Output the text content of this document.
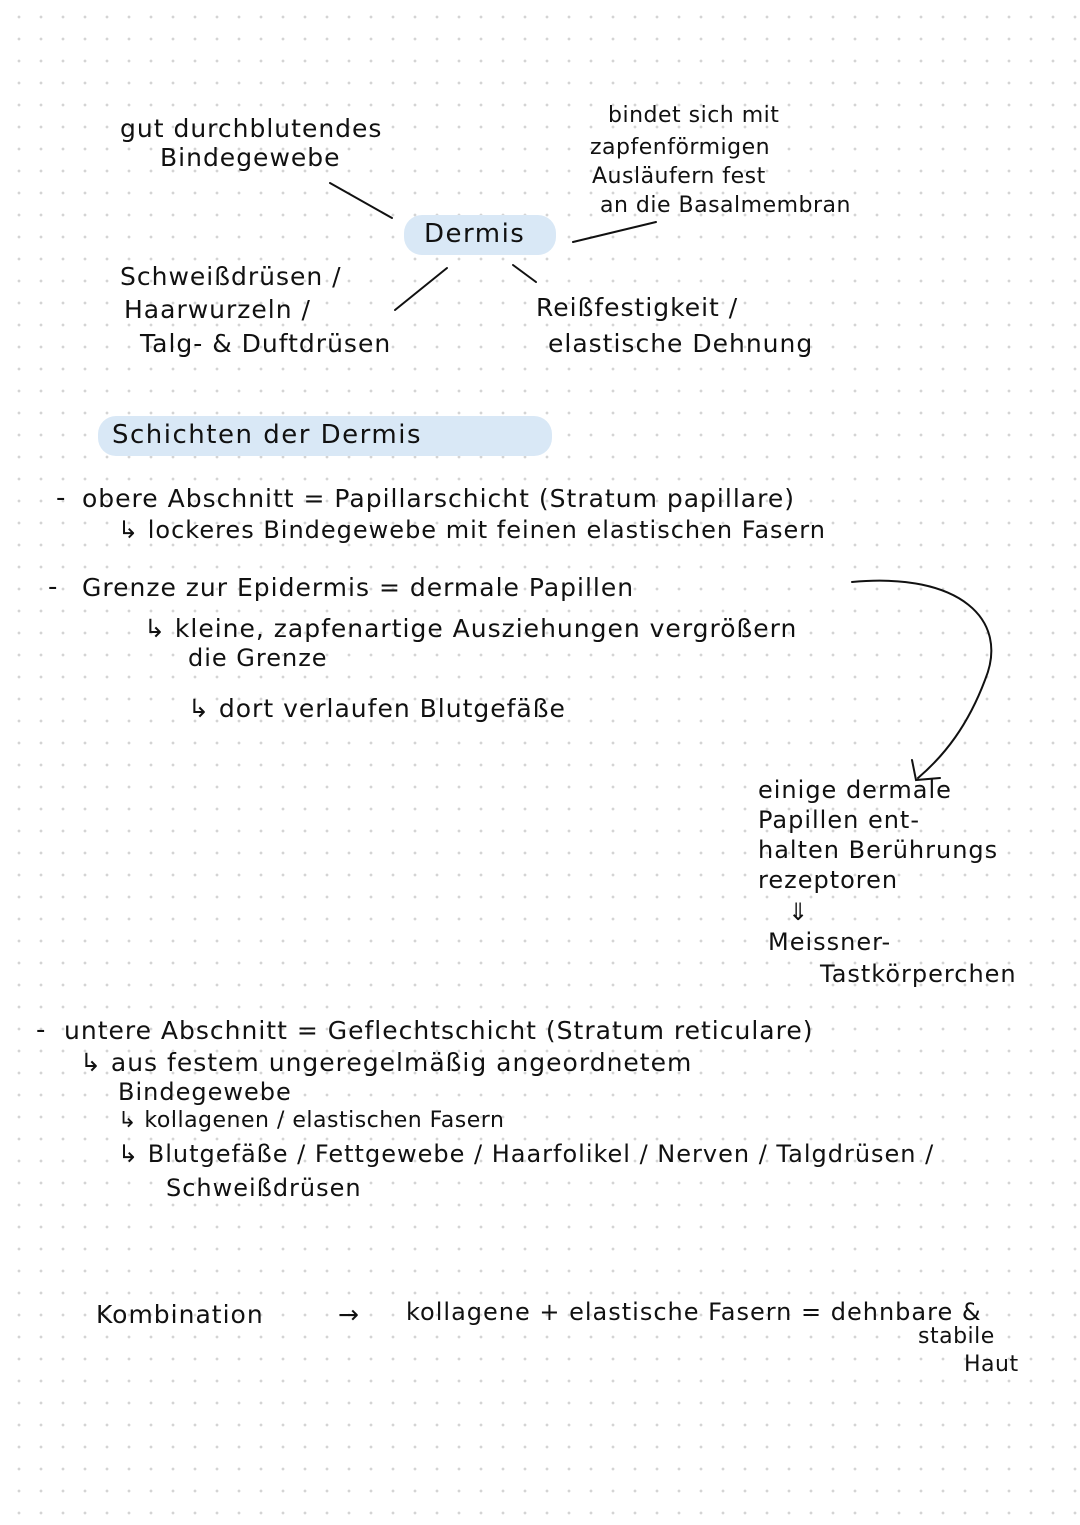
gut durchblutendes
Bindegewebe
bindet sich mit
zapfenförmigen
Ausläufern fest
an die Basalmembran
Dermis
Schweißdrüsen /
Haarwurzeln /
Talg- & Duftdrüsen
Reißfestigkeit /
elastische Dehnung
Schichten der Dermis
- obere Abschnitt = Papillarschicht (Stratum papillare)
↳ lockeres Bindegewebe mit feinen elastischen Fasern
- Grenze zur Epidermis = dermale Papillen
↳ kleine, zapfenartige Ausziehungen vergrößern
die Grenze
↳ dort verlaufen Blutgefäße
einige dermale
Papillen ent-
halten Berührungs
rezeptoren
⇓
Meissner-
Tastkörperchen
- untere Abschnitt = Geflechtschicht (Stratum reticulare)
↳ aus festem ungeregelmäßig angeordnetem
Bindegewebe
↳ kollagenen / elastischen Fasern
↳ Blutgefäße / Fettgewebe / Haarfolikel / Nerven / Talgdrüsen /
Schweißdrüsen
Kombination	→ kollagene + elastische Fasern = dehnbare &
stabile
Haut
